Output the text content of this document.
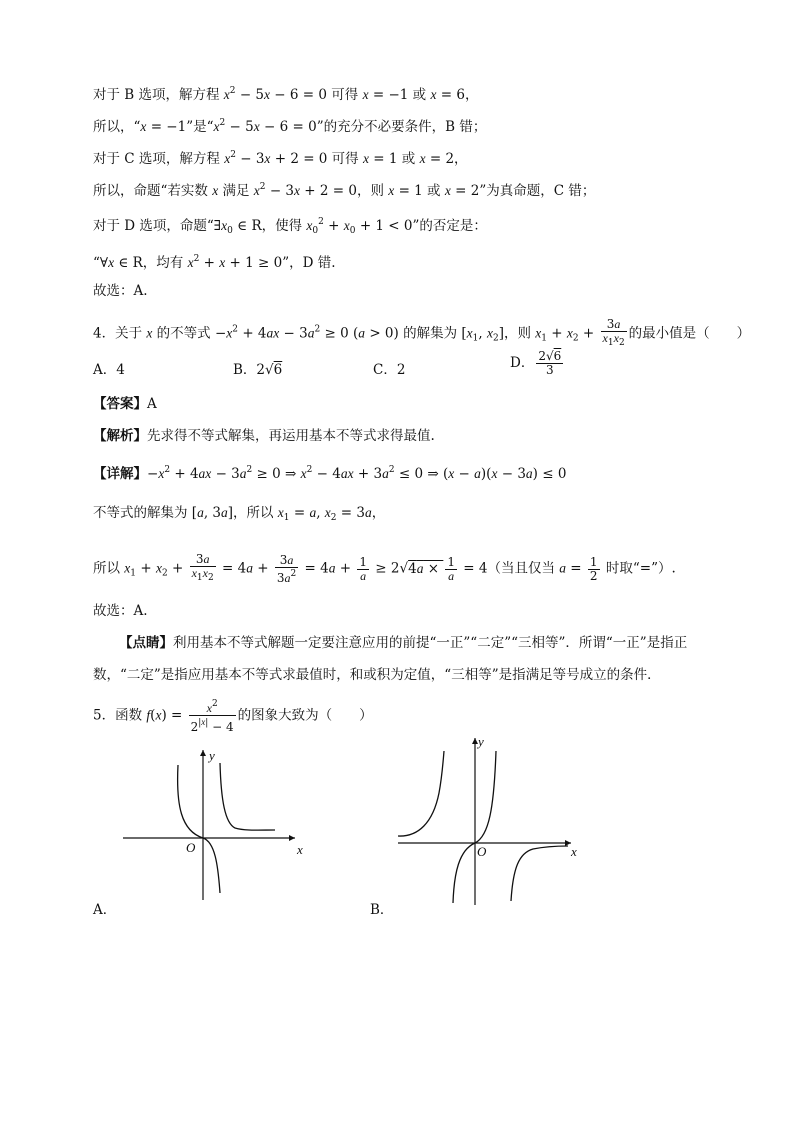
对于 B 选项，解方程 $x^2 - 5x - 6 = 0$ 可得 x = −1 或 x = 6，
所以，“x = −1”是“$x^2 - 5x - 6 = 0$”的充分不必要条件，B 错；
对于 C 选项，解方程 $x^2 - 3x + 2 = 0$ 可得 x = 1 或 x = 2，
所以，命题“若实数 x 满足 $x^2 - 3x + 2 = 0$，则 x = 1 或 x = 2”为真命题，C 错；
对于 D 选项，命题“$\exists x_0$ ∈ R，使得 $x_0^2 + x_0 + 1 < 0$”的否定是：
“∀x ∈ R，均有 $x^2 + x + 1 \ge 0$”，D 错.
故选：A.
4．关于 x 的不等式 $-x^2 + 4ax - 3a^2 \ge 0$ (a > 0) 的解集为 [$x_1$, $x_2$]，则 $x_1 + x_2 + \frac{3a}{x_1x_2}$ 的最小值是（　　）
A．4	B．2√6	C．2	D． $\frac{2√6}{3}$
【答案】A
【解析】先求得不等式解集，再运用基本不等式求得最值.
【详解】$-x^2 + 4ax - 3a^2 \ge 0$ ⇒ $x^2 - 4ax + 3a^2 \le 0$ ⇒ (x − a)(x − 3a) ≤ 0
不等式的解集为 [a, 3a]，所以 $x_1 = a$, $x_2 = 3a$，
所以 $x_1 + x_2 + \frac{3a}{x_1x_2} = 4a + \frac{3a}{3a^2} = 4a + \frac{1}{a} \ge 2√4a \times \frac{1}{a} = 4$（当且仅当 $a = \frac{1}{2}$ 时取“=”）.
故选：A.
【点睛】利用基本不等式解题一定要注意应用的前提“一正”“二定”“三相等”．所谓“一正”是指正
数，“二定”是指应用基本不等式求最值时，和或积为定值，“三相等”是指满足等号成立的条件．
5．函数 $f(x) = \frac{x^2}{2^{|x|} - 4}$ 的图象大致为（　　）
y
x
O
A．
y
x
O
B．
